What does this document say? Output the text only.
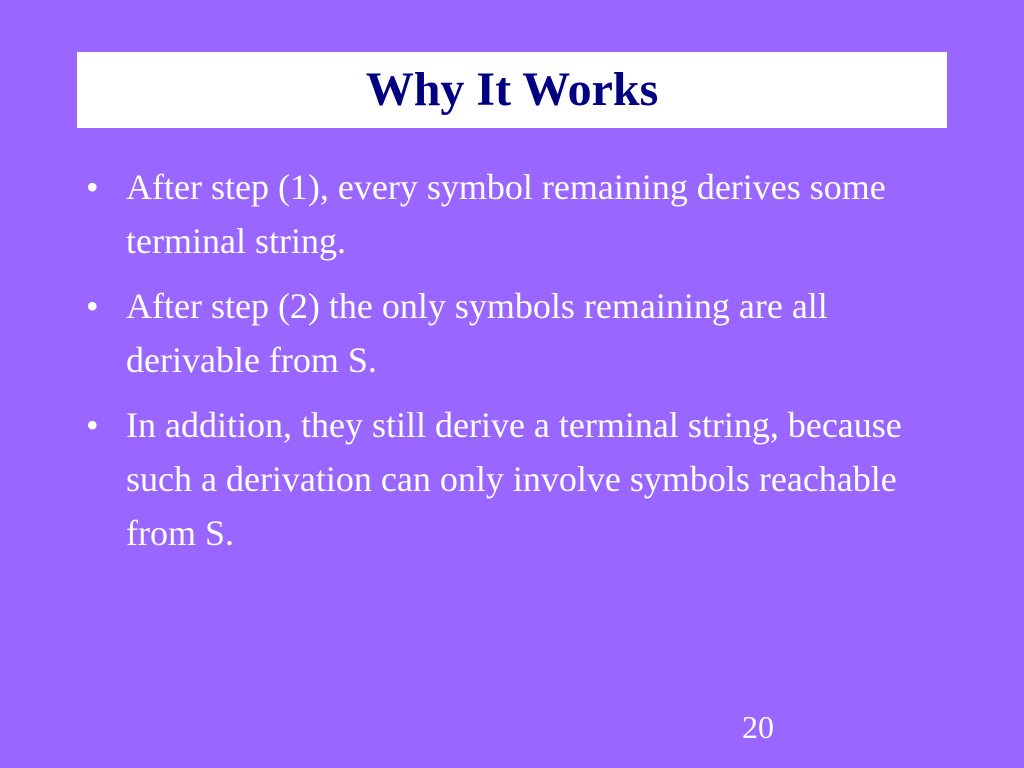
Why It Works
• After step (1), every symbol remaining derives some terminal string.
• After step (2) the only symbols remaining are all derivable from S.
• In addition, they still derive a terminal string, because such a derivation can only involve symbols reachable from S.
20
